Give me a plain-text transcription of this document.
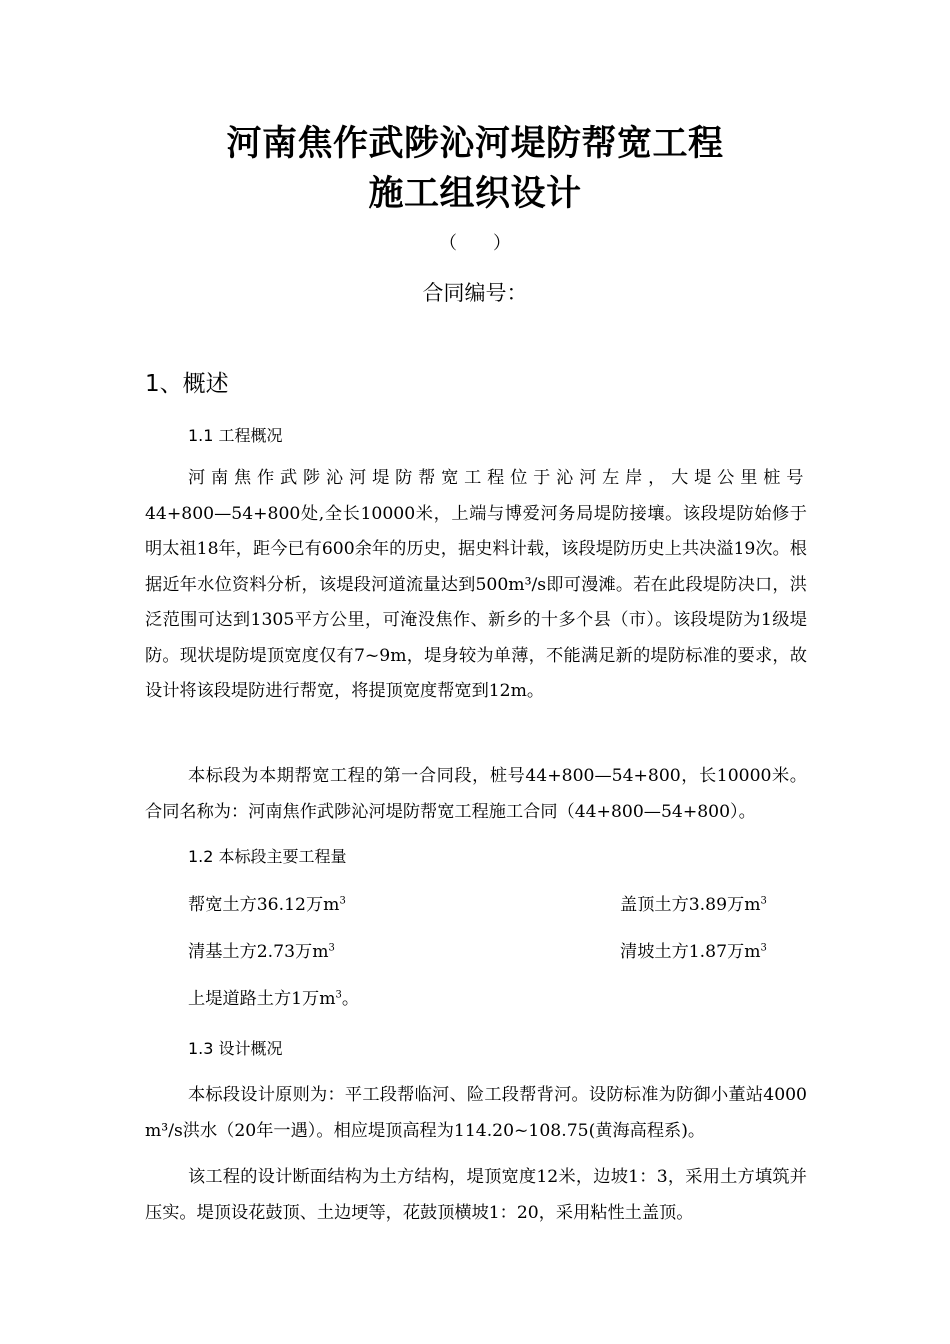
河南焦作武陟沁河堤防帮宽工程
施工组织设计
（　　）
合同编号：
1、概述
1.1 工程概况

河南焦作武陟沁河堤防帮宽工程位于沁河左岸，大堤公里桩号44+800—54+800处,全长10000米，上端与博爱河务局堤防接壤。该段堤防始修于明太祖18年，距今已有600余年的历史，据史料计载，该段堤防历史上共决溢19次。根据近年水位资料分析，该堤段河道流量达到500m³/s即可漫滩。若在此段堤防决口，洪泛范围可达到1305平方公里，可淹没焦作、新乡的十多个县（市）。该段堤防为1级堤防。现状堤防堤顶宽度仅有7~9m，堤身较为单薄，不能满足新的堤防标准的要求，故设计将该段堤防进行帮宽，将提顶宽度帮宽到12m。

本标段为本期帮宽工程的第一合同段，桩号44+800—54+800，长10000米。合同名称为：河南焦作武陟沁河堤防帮宽工程施工合同（44+800—54+800）。

1.2 本标段主要工程量
帮宽土方36.12万$m^3$	盖顶土方3.89万$m^3$
清基土方2.73万$m^3$	清坡土方1.87万$m^3$
上堤道路土方1万$m^3$。
1.3 设计概况

本标段设计原则为：平工段帮临河、险工段帮背河。设防标准为防御小董站4000 m³/s洪水（20年一遇）。相应堤顶高程为114.20~108.75(黄海高程系)。

该工程的设计断面结构为土方结构，堤顶宽度12米，边坡1：3，采用土方填筑并压实。堤顶设花鼓顶、土边埂等，花鼓顶横坡1：20，采用粘性土盖顶。
